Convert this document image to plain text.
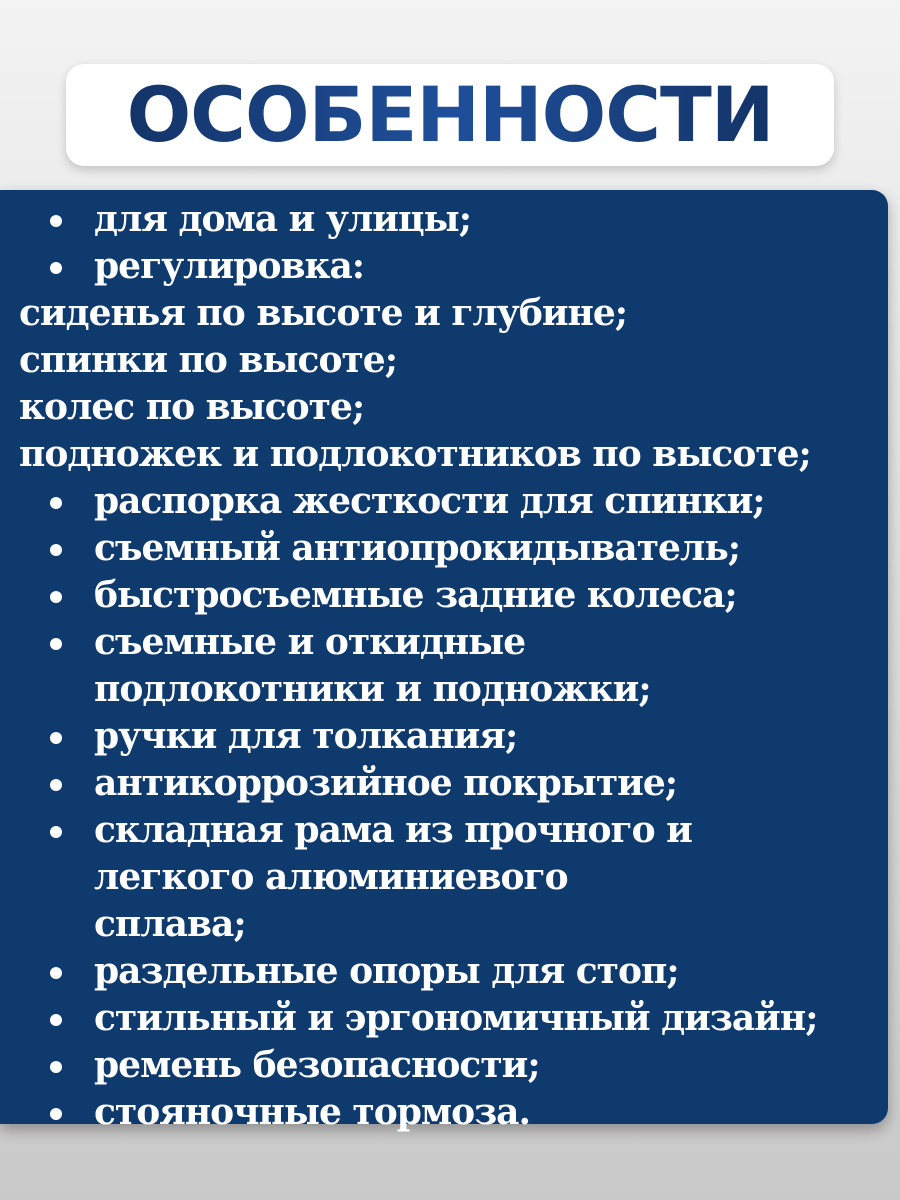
ОСОБЕННОСТИ
для дома и улицы;
регулировка:
сиденья по высоте и глубине;
спинки по высоте;
колес по высоте;
подножек и подлокотников по высоте;
распорка жесткости для спинки;
съемный антиопрокидыватель;
быстросъемные задние колеса;
съемные и откидные подлокотники и подножки;
ручки для толкания;
антикоррозийное покрытие;
складная рама из прочного и легкого алюминиевого сплава;
раздельные опоры для стоп;
стильный и эргономичный дизайн;
ремень безопасности;
стояночные тормоза.
